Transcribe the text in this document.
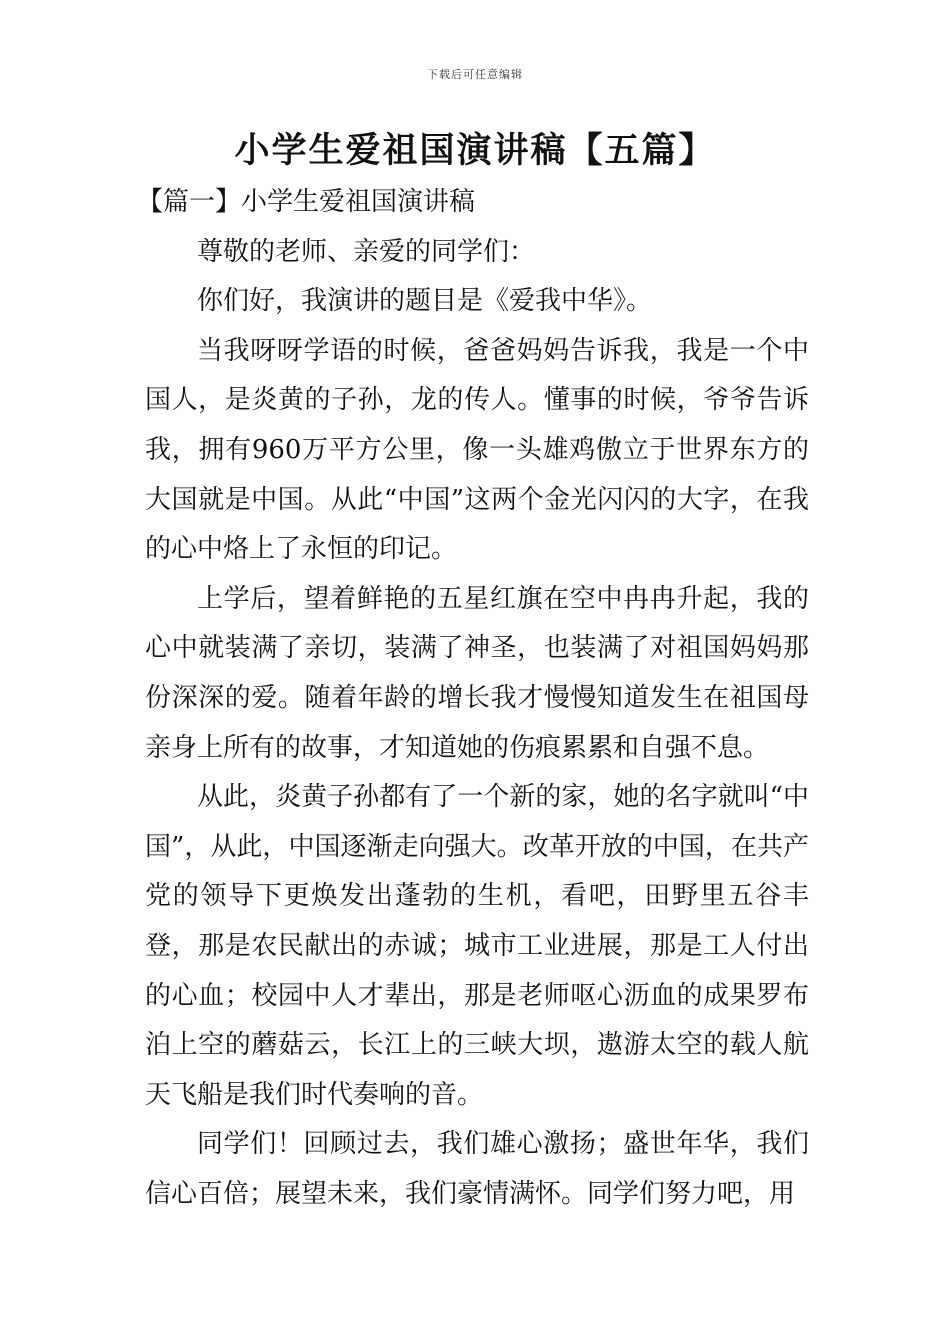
下载后可任意编辑
小学生爱祖国演讲稿【五篇】

【篇一】小学生爱祖国演讲稿

尊敬的老师、亲爱的同学们：

你们好，我演讲的题目是《爱我中华》。

当我呀呀学语的时候，爸爸妈妈告诉我，我是一个中国人，是炎黄的子孙，龙的传人。懂事的时候，爷爷告诉我，拥有960万平方公里，像一头雄鸡傲立于世界东方的大国就是中国。从此“中国”这两个金光闪闪的大字，在我的心中烙上了永恒的印记。

上学后，望着鲜艳的五星红旗在空中冉冉升起，我的心中就装满了亲切，装满了神圣，也装满了对祖国妈妈那份深深的爱。随着年龄的增长我才慢慢知道发生在祖国母亲身上所有的故事，才知道她的伤痕累累和自强不息。

从此，炎黄子孙都有了一个新的家，她的名字就叫“中国”，从此，中国逐渐走向强大。改革开放的中国，在共产党的领导下更焕发出蓬勃的生机，看吧，田野里五谷丰登，那是农民献出的赤诚；城市工业进展，那是工人付出的心血；校园中人才辈出，那是老师呕心沥血的成果罗布泊上空的蘑菇云，长江上的三峡大坝，遨游太空的载人航天飞船是我们时代奏响的音。

同学们！回顾过去，我们雄心激扬；盛世年华，我们信心百倍；展望未来，我们豪情满怀。同学们努力吧，用
